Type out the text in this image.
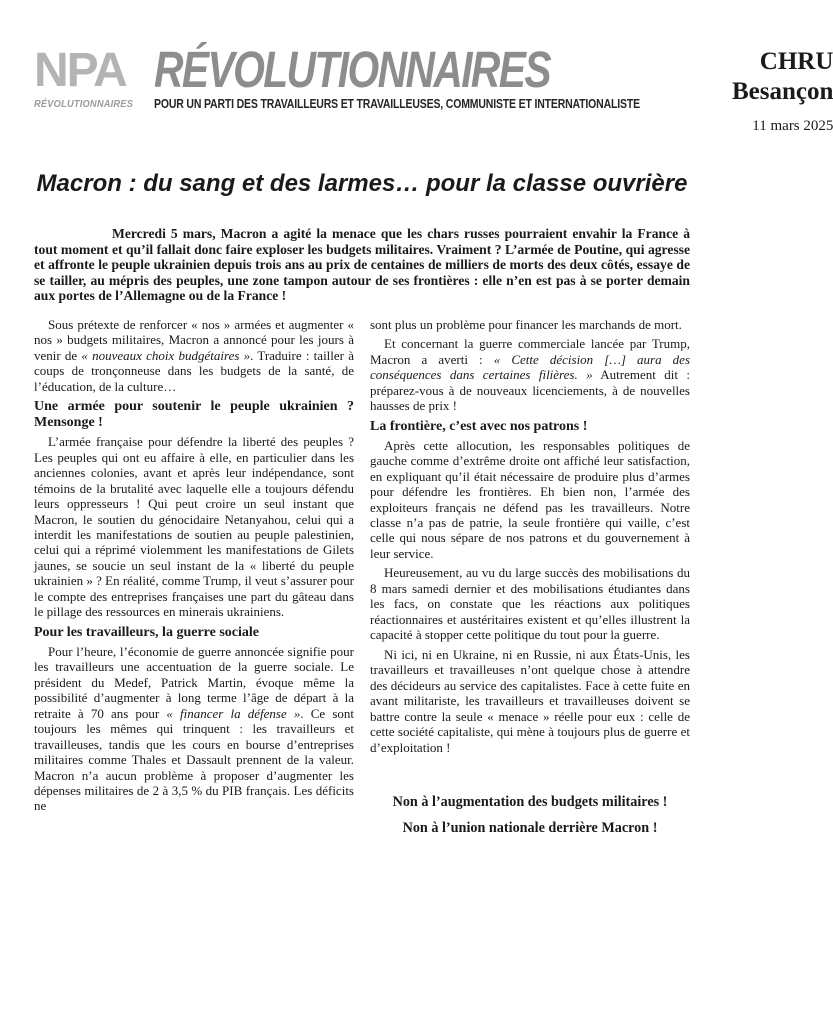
NPA
RÉVOLUTIONNAIRES
RÉVOLUTIONNAIRES
POUR UN PARTI DES TRAVAILLEURS ET TRAVAILLEUSES, COMMUNISTE ET INTERNATIONALISTE
CHRU
Besançon
11 mars 2025
Macron : du sang et des larmes… pour la classe ouvrière

Mercredi 5 mars, Macron a agité la menace que les chars russes pourraient envahir la France à tout moment et qu’il fallait donc faire exploser les budgets militaires. Vraiment ? L’armée de Poutine, qui agresse et affronte le peuple ukrainien depuis trois ans au prix de centaines de milliers de morts des deux côtés, essaye de se tailler, au mépris des peuples, une zone tampon autour de ses frontières : elle n’en est pas à se porter demain aux portes de l’Allemagne ou de la France !

Sous prétexte de renforcer « nos » armées et augmenter « nos » budgets militaires, Macron a annoncé pour les jours à venir de « nouveaux choix budgétaires ». Traduire : tailler à coups de tronçonneuse dans les budgets de la santé, de l’éducation, de la culture…

Une armée pour soutenir le peuple ukrainien ? Mensonge !

L’armée française pour défendre la liberté des peuples ? Les peuples qui ont eu affaire à elle, en particulier dans les anciennes colonies, avant et après leur indépendance, sont témoins de la brutalité avec laquelle elle a toujours défendu leurs oppresseurs ! Qui peut croire un seul instant que Macron, le soutien du génocidaire Netanyahou, celui qui a interdit les manifestations de soutien au peuple palestinien, celui qui a réprimé violemment les manifestations de Gilets jaunes, se soucie un seul instant de la « liberté du peuple ukrainien » ? En réalité, comme Trump, il veut s’assurer pour le compte des entreprises françaises une part du gâteau dans le pillage des ressources en minerais ukrainiens.

Pour les travailleurs, la guerre sociale

Pour l’heure, l’économie de guerre annoncée signifie pour les travailleurs une accentuation de la guerre sociale. Le président du Medef, Patrick Martin, évoque même la possibilité d’augmenter à long terme l’âge de départ à la retraite à 70 ans pour « financer la défense ». Ce sont toujours les mêmes qui trinquent : les travailleurs et travailleuses, tandis que les cours en bourse d’entreprises militaires comme Thales et Dassault prennent de la valeur. Macron n’a aucun problème à proposer d’augmenter les dépenses militaires de 2 à 3,5 % du PIB français. Les déficits ne

sont plus un problème pour financer les marchands de mort.

Et concernant la guerre commerciale lancée par Trump, Macron a averti : « Cette décision […] aura des conséquences dans certaines filières. » Autrement dit : préparez-vous à de nouveaux licenciements, à de nouvelles hausses de prix !

La frontière, c’est avec nos patrons !

Après cette allocution, les responsables politiques de gauche comme d’extrême droite ont affiché leur satisfaction, en expliquant qu’il était nécessaire de produire plus d’armes pour défendre les frontières. Eh bien non, l’armée des exploiteurs français ne défend pas les travailleurs. Notre classe n’a pas de patrie, la seule frontière qui vaille, c’est celle qui nous sépare de nos patrons et du gouvernement à leur service.

Heureusement, au vu du large succès des mobilisations du 8 mars samedi dernier et des mobilisations étudiantes dans les facs, on constate que les réactions aux politiques réactionnaires et austéritaires existent et qu’elles illustrent la capacité à stopper cette politique du tout pour la guerre.

Ni ici, ni en Ukraine, ni en Russie, ni aux États-Unis, les travailleurs et travailleuses n’ont quelque chose à attendre des décideurs au service des capitalistes. Face à cette fuite en avant militariste, les travailleurs et travailleuses doivent se battre contre la seule « menace » réelle pour eux : celle de cette société capitaliste, qui mène à toujours plus de guerre et d’exploitation !

Non à l’augmentation des budgets militaires !

Non à l’union nationale derrière Macron !
